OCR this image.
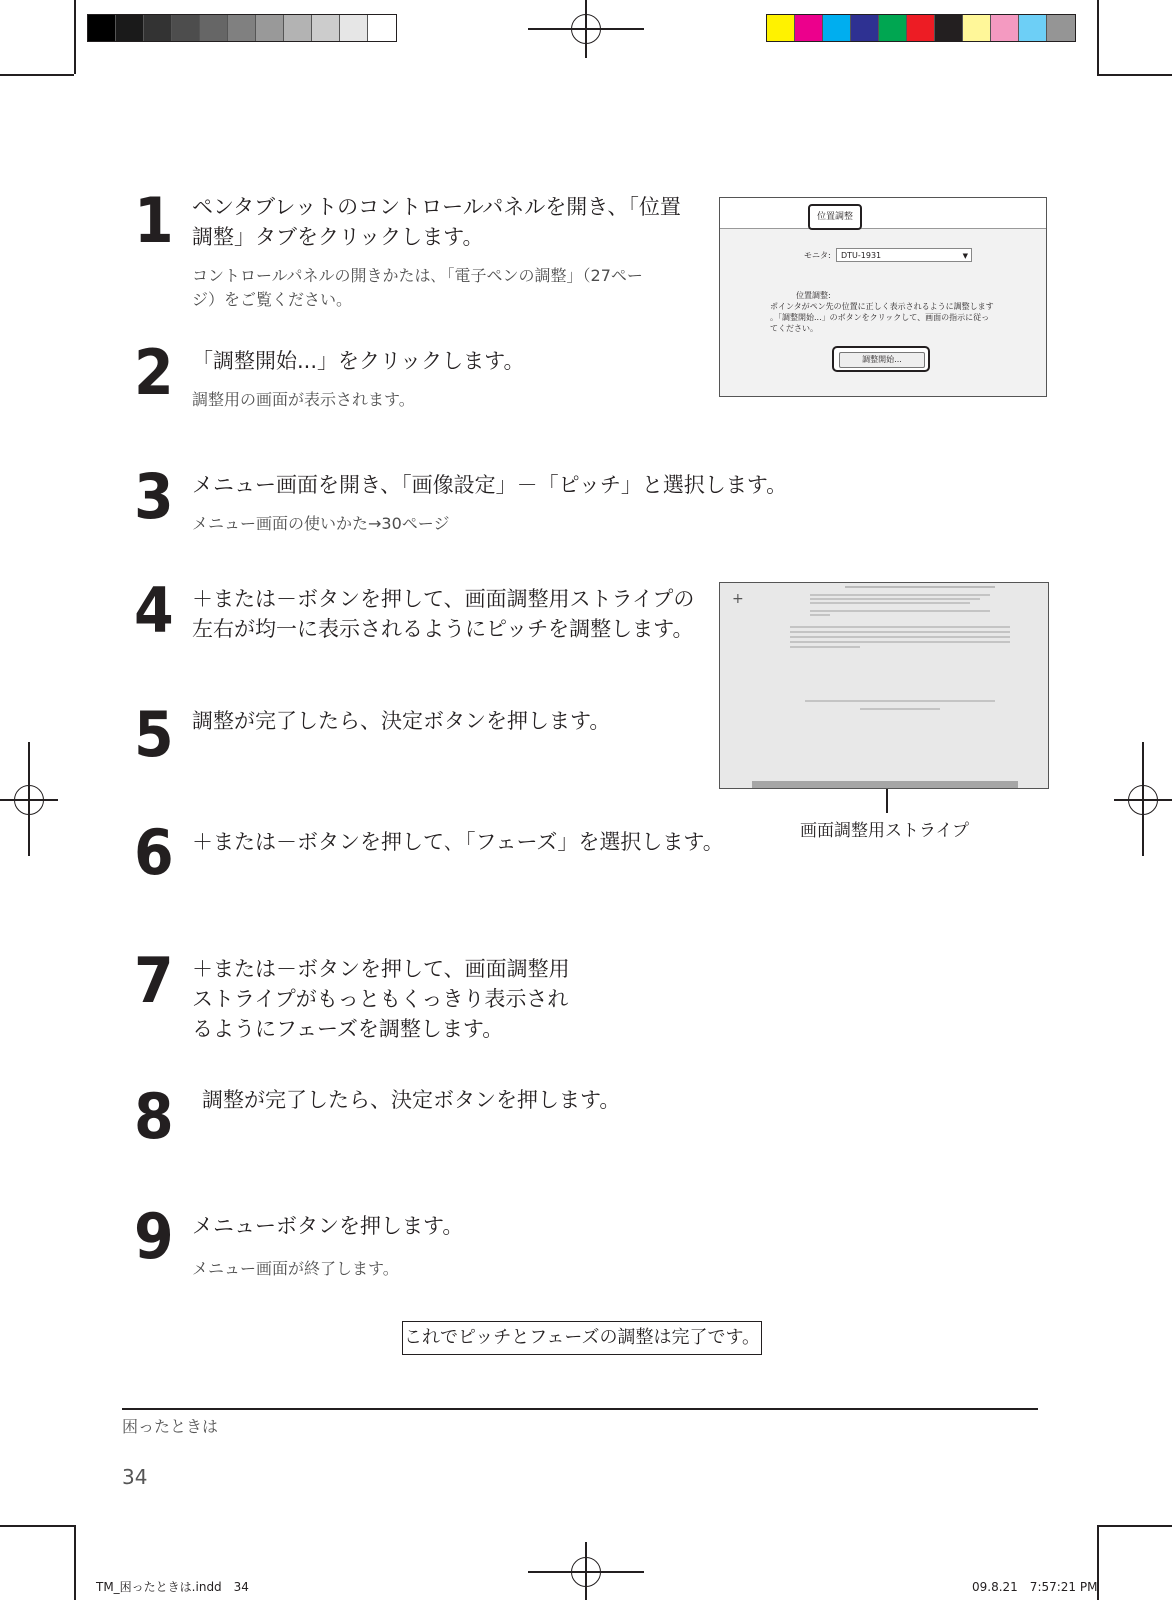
1 ペンタブレットのコントロールパネルを開き、「位置
調整」タブをクリックします。
コントロールパネルの開きかたは､「電子ペンの調整」（27ペー
ジ）をご覧ください。
2 「調整開始...」をクリックします。
調整用の画面が表示されます。
3 メニュー画面を開き、「画像設定」－「ピッチ」と選択します。
メニュー画面の使いかた→30ページ
4 ＋または－ボタンを押して、画面調整用ストライプの
左右が均一に表示されるようにピッチを調整します。
5 調整が完了したら、決定ボタンを押します。
6 ＋または－ボタンを押して､「フェーズ」を選択します。
7 ＋または－ボタンを押して、画面調整用
ストライプがもっともくっきり表示され
るようにフェーズを調整します。
8 調整が完了したら、決定ボタンを押します。
9 メニューボタンを押します。
メニュー画面が終了します。
位置調整
モニタ:	DTU-1931	▼
位置調整:
ポインタがペン先の位置に正しく表示されるように調整します
。「調整開始...」のボタンをクリックして、画面の指示に従っ
てください。
調整開始...
+
画面調整用ストライプ
これでピッチとフェーズの調整は完了です。
困ったときは
34
TM_困ったときは.indd　34	09.8.21　7:57:21 PM
